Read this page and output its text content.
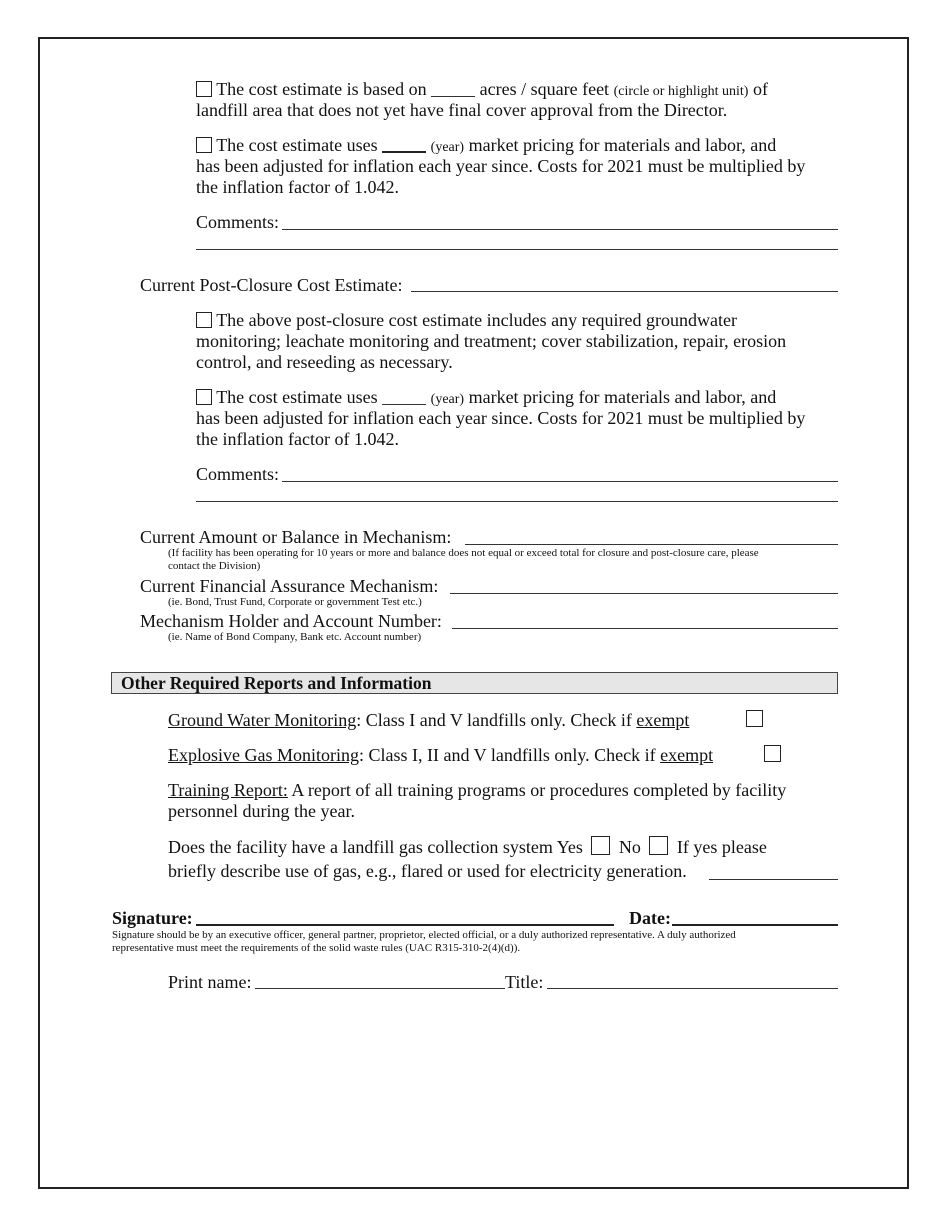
The cost estimate is based on	acres / square feet (circle or highlight unit) of
landfill area that does not yet have final cover approval from the Director.
The cost estimate uses	(year) market pricing for materials and labor, and
has been adjusted for inflation each year since. Costs for 2021 must be multiplied by
the inflation factor of 1.042.
Comments:
Current Post-Closure Cost Estimate:
The above post-closure cost estimate includes any required groundwater
monitoring; leachate monitoring and treatment; cover stabilization, repair, erosion
control, and reseeding as necessary.
The cost estimate uses	(year) market pricing for materials and labor, and
has been adjusted for inflation each year since. Costs for 2021 must be multiplied by
the inflation factor of 1.042.
Comments:
Current Amount or Balance in Mechanism:
(If facility has been operating for 10 years or more and balance does not equal or exceed total for closure and post-closure care, please
contact the Division)
Current Financial Assurance Mechanism:
(ie. Bond, Trust Fund, Corporate or government Test etc.)
Mechanism Holder and Account Number:
(ie. Name of Bond Company, Bank etc. Account number)
Other Required Reports and Information
Ground Water Monitoring: Class I and V landfills only. Check if exempt
Explosive Gas Monitoring: Class I, II and V landfills only. Check if exempt
Training Report: A report of all training programs or procedures completed by facility
personnel during the year.
Does the facility have a landfill gas collection system Yes No If yes please
briefly describe use of gas, e.g., flared or used for electricity generation.
Signature:	Date:
Signature should be by an executive officer, general partner, proprietor, elected official, or a duly authorized representative. A duly authorized
representative must meet the requirements of the solid waste rules (UAC R315-310-2(4)(d)).
Print name:	Title:
